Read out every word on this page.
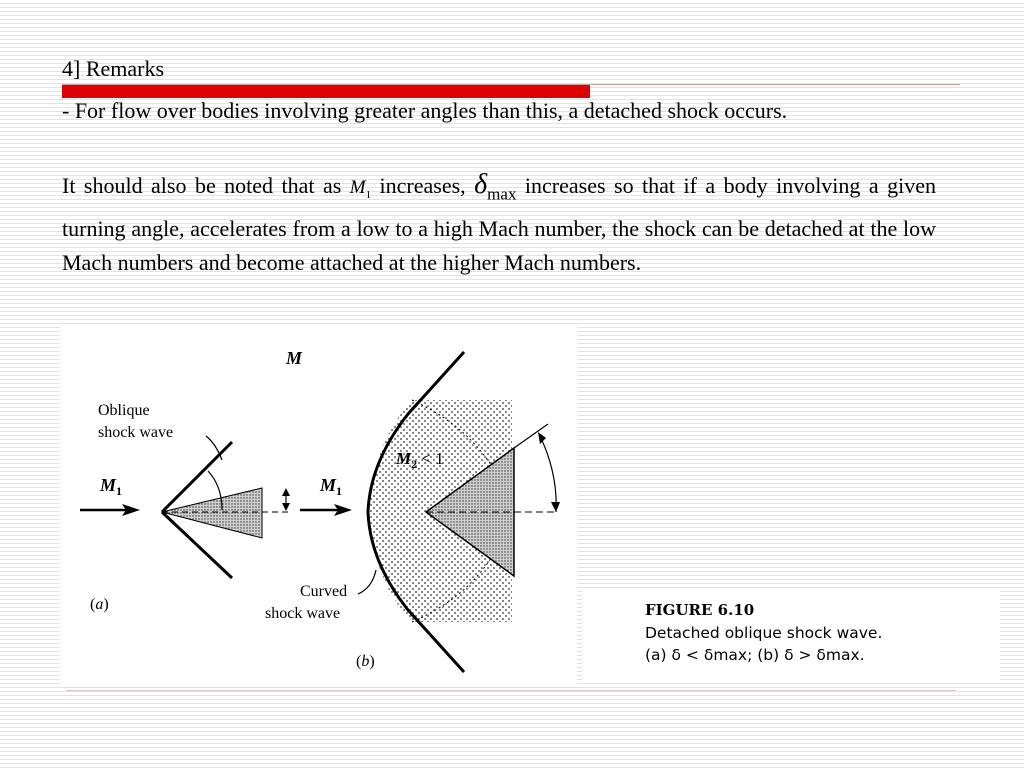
4] Remarks
- For flow over bodies involving greater angles than this, a detached shock occurs.
It should also be noted that as $M_1$ increases, $\delta_{max}$ increases so that if a body involving a given turning angle, accelerates from a low to a high Mach number, the shock can be detached at the low Mach numbers and become attached at the higher Mach numbers.
Oblique
shock wave
$M_1$
(a)
M
$M_1$
$M_2 < 1$
Curved
shock wave
(b)
FIGURE 6.10
Detached oblique shock wave.
(a) δ < δmax; (b) δ > δmax.
